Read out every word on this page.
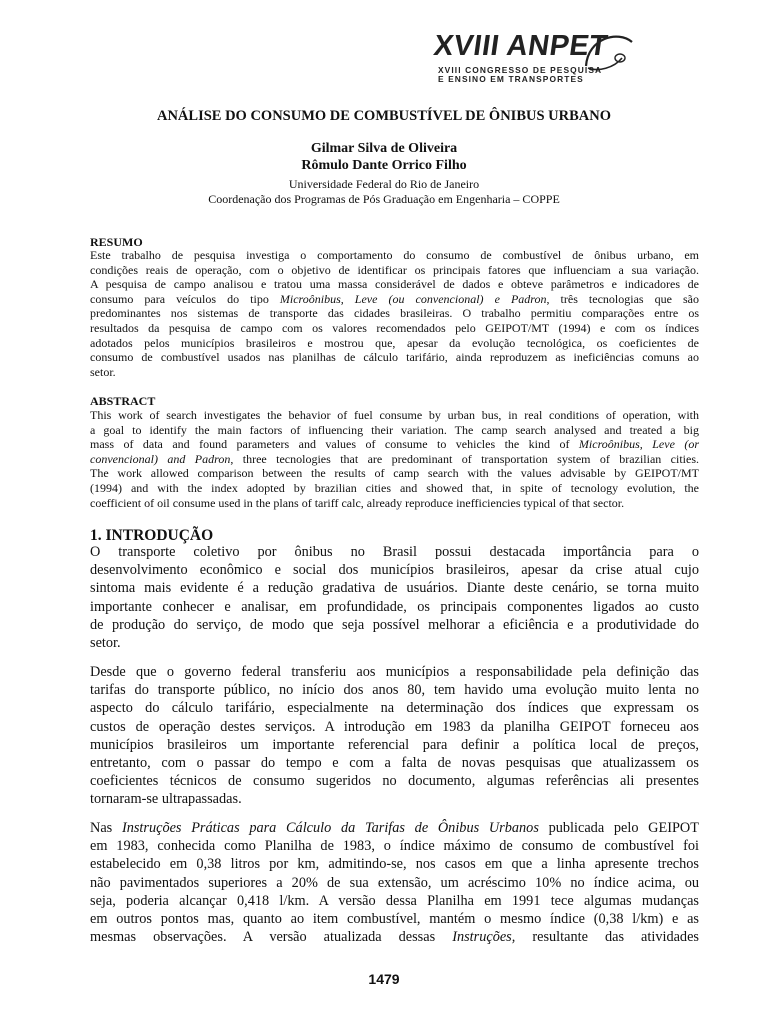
XVIII ANPET
XVIII CONGRESSO DE PESQUISA
E ENSINO EM TRANSPORTES
ANÁLISE DO CONSUMO DE COMBUSTÍVEL DE ÔNIBUS URBANO
Gilmar Silva de Oliveira
Rômulo Dante Orrico Filho
Universidade Federal do Rio de Janeiro
Coordenação dos Programas de Pós Graduação em Engenharia – COPPE
RESUMO
Este trabalho de pesquisa investiga o comportamento do consumo de combustível de ônibus urbano, em
condições reais de operação, com o objetivo de identificar os principais fatores que influenciam a sua variação.
A pesquisa de campo analisou e tratou uma massa considerável de dados e obteve parâmetros e indicadores de
consumo para veículos do tipo Microônibus, Leve (ou convencional) e Padron, três tecnologias que são
predominantes nos sistemas de transporte das cidades brasileiras. O trabalho permitiu comparações entre os
resultados da pesquisa de campo com os valores recomendados pelo GEIPOT/MT (1994) e com os índices
adotados pelos municípios brasileiros e mostrou que, apesar da evolução tecnológica, os coeficientes de
consumo de combustível usados nas planilhas de cálculo tarifário, ainda reproduzem as ineficiências comuns ao
setor.
ABSTRACT
This work of search investigates the behavior of fuel consume by urban bus, in real conditions of operation, with
a goal to identify the main factors of influencing their variation. The camp search analysed and treated a big
mass of data and found parameters and values of consume to vehicles the kind of Microônibus, Leve (or
convencional) and Padron, three tecnologies that are predominant of transportation system of brazilian cities.
The work allowed comparison between the results of camp search with the values advisable by GEIPOT/MT
(1994) and with the index adopted by brazilian cities and showed that, in spite of tecnology evolution, the
coefficient of oil consume used in the plans of tariff calc, already reproduce inefficiencies typical of that sector.
1. INTRODUÇÃO
O transporte coletivo por ônibus no Brasil possui destacada importância para o
desenvolvimento econômico e social dos municípios brasileiros, apesar da crise atual cujo
sintoma mais evidente é a redução gradativa de usuários. Diante deste cenário, se torna muito
importante conhecer e analisar, em profundidade, os principais componentes ligados ao custo
de produção do serviço, de modo que seja possível melhorar a eficiência e a produtividade do
setor.
Desde que o governo federal transferiu aos municípios a responsabilidade pela definição das
tarifas do transporte público, no início dos anos 80, tem havido uma evolução muito lenta no
aspecto do cálculo tarifário, especialmente na determinação dos índices que expressam os
custos de operação destes serviços. A introdução em 1983 da planilha GEIPOT forneceu aos
municípios brasileiros um importante referencial para definir a política local de preços,
entretanto, com o passar do tempo e com a falta de novas pesquisas que atualizassem os
coeficientes técnicos de consumo sugeridos no documento, algumas referências ali presentes
tornaram-se ultrapassadas.
Nas Instruções Práticas para Cálculo da Tarifas de Ônibus Urbanos publicada pelo GEIPOT
em 1983, conhecida como Planilha de 1983, o índice máximo de consumo de combustível foi
estabelecido em 0,38 litros por km, admitindo-se, nos casos em que a linha apresente trechos
não pavimentados superiores a 20% de sua extensão, um acréscimo 10% no índice acima, ou
seja, poderia alcançar 0,418 l/km. A versão dessa Planilha em 1991 tece algumas mudanças
em outros pontos mas, quanto ao item combustível, mantém o mesmo índice (0,38 l/km) e as
mesmas observações. A versão atualizada dessas Instruções, resultante das atividades
1479
